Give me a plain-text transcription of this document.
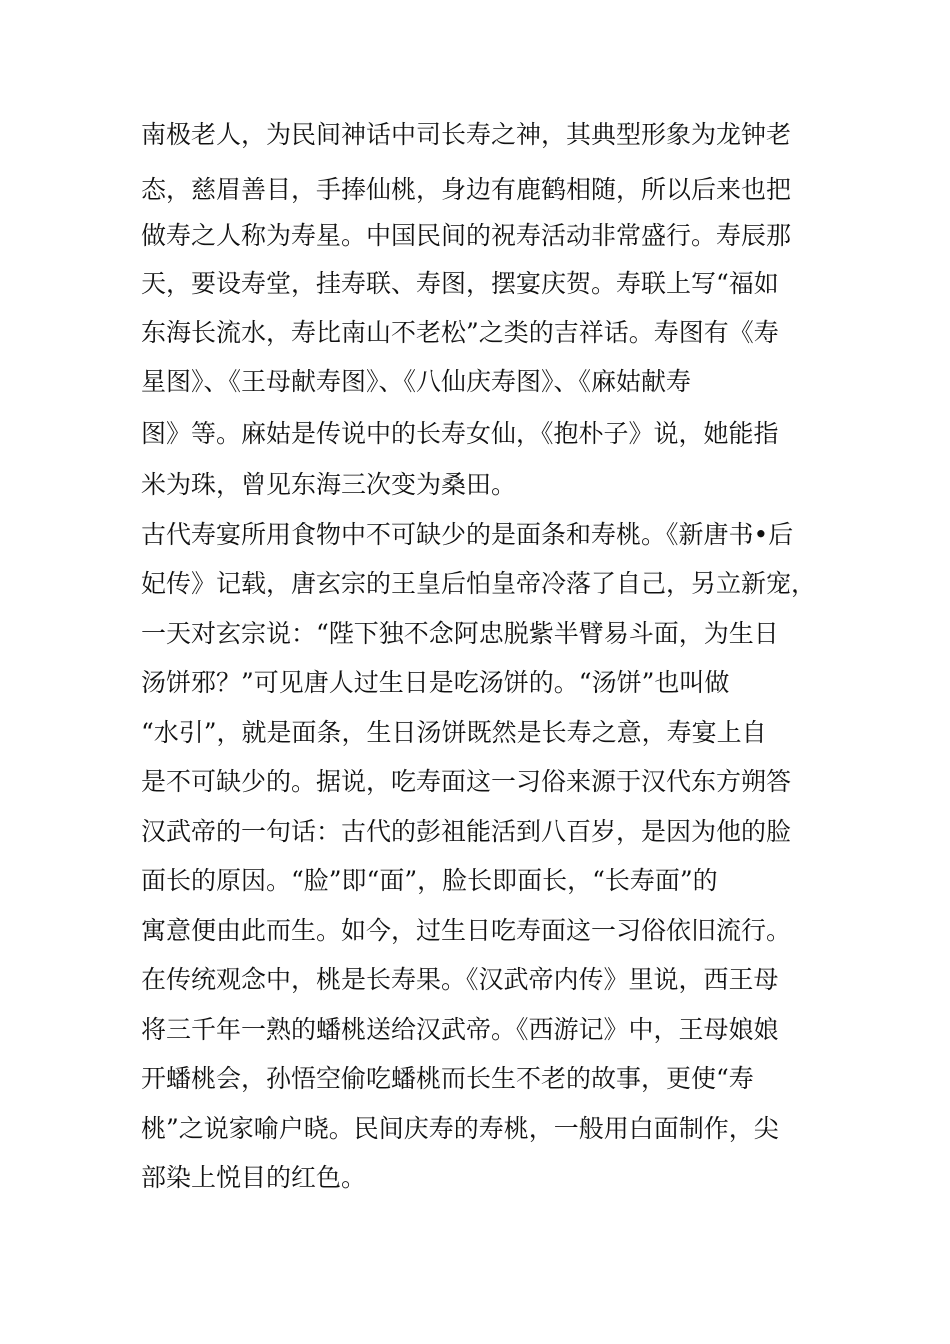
南极老人，为民间神话中司长寿之神，其典型形象为龙钟老
态，慈眉善目，手捧仙桃，身边有鹿鹤相随，所以后来也把
做寿之人称为寿星。中国民间的祝寿活动非常盛行。寿辰那
天，要设寿堂，挂寿联、寿图，摆宴庆贺。寿联上写“福如
东海长流水，寿比南山不老松”之类的吉祥话。寿图有《寿
星图》、《王母献寿图》、《八仙庆寿图》、《麻姑献寿
图》等。麻姑是传说中的长寿女仙，《抱朴子》说，她能指
米为珠，曾见东海三次变为桑田。
古代寿宴所用食物中不可缺少的是面条和寿桃。《新唐书•后
妃传》记载，唐玄宗的王皇后怕皇帝冷落了自己，另立新宠，
一天对玄宗说：“陛下独不念阿忠脱紫半臂易斗面，为生日
汤饼邪？”可见唐人过生日是吃汤饼的。“汤饼”也叫做
“水引”，就是面条，生日汤饼既然是长寿之意，寿宴上自
是不可缺少的。据说，吃寿面这一习俗来源于汉代东方朔答
汉武帝的一句话：古代的彭祖能活到八百岁，是因为他的脸
面长的原因。“脸”即“面”，脸长即面长，“长寿面”的
寓意便由此而生。如今，过生日吃寿面这一习俗依旧流行。
在传统观念中，桃是长寿果。《汉武帝内传》里说，西王母
将三千年一熟的蟠桃送给汉武帝。《西游记》中，王母娘娘
开蟠桃会，孙悟空偷吃蟠桃而长生不老的故事，更使“寿
桃”之说家喻户晓。民间庆寿的寿桃，一般用白面制作，尖
部染上悦目的红色。
